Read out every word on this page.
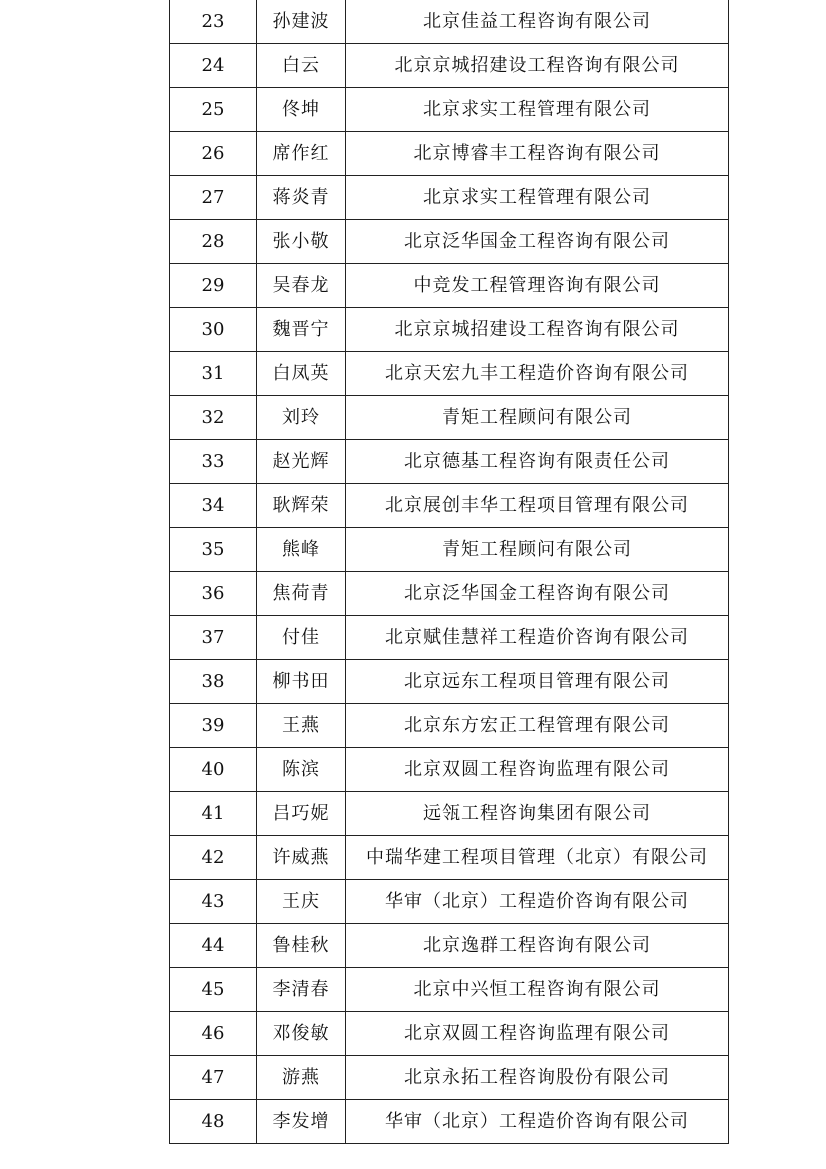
23	孙建波	北京佳益工程咨询有限公司
24	白云	北京京城招建设工程咨询有限公司
25	佟坤	北京求实工程管理有限公司
26	席作红	北京博睿丰工程咨询有限公司
27	蒋炎青	北京求实工程管理有限公司
28	张小敬	北京泛华国金工程咨询有限公司
29	吴春龙	中竞发工程管理咨询有限公司
30	魏晋宁	北京京城招建设工程咨询有限公司
31	白凤英	北京天宏九丰工程造价咨询有限公司
32	刘玲	青矩工程顾问有限公司
33	赵光辉	北京德基工程咨询有限责任公司
34	耿辉荣	北京展创丰华工程项目管理有限公司
35	熊峰	青矩工程顾问有限公司
36	焦荷青	北京泛华国金工程咨询有限公司
37	付佳	北京赋佳慧祥工程造价咨询有限公司
38	柳书田	北京远东工程项目管理有限公司
39	王燕	北京东方宏正工程管理有限公司
40	陈滨	北京双圆工程咨询监理有限公司
41	吕巧妮	远瓴工程咨询集团有限公司
42	许威燕	中瑞华建工程项目管理（北京）有限公司
43	王庆	华审（北京）工程造价咨询有限公司
44	鲁桂秋	北京逸群工程咨询有限公司
45	李清春	北京中兴恒工程咨询有限公司
46	邓俊敏	北京双圆工程咨询监理有限公司
47	游燕	北京永拓工程咨询股份有限公司
48	李发增	华审（北京）工程造价咨询有限公司
